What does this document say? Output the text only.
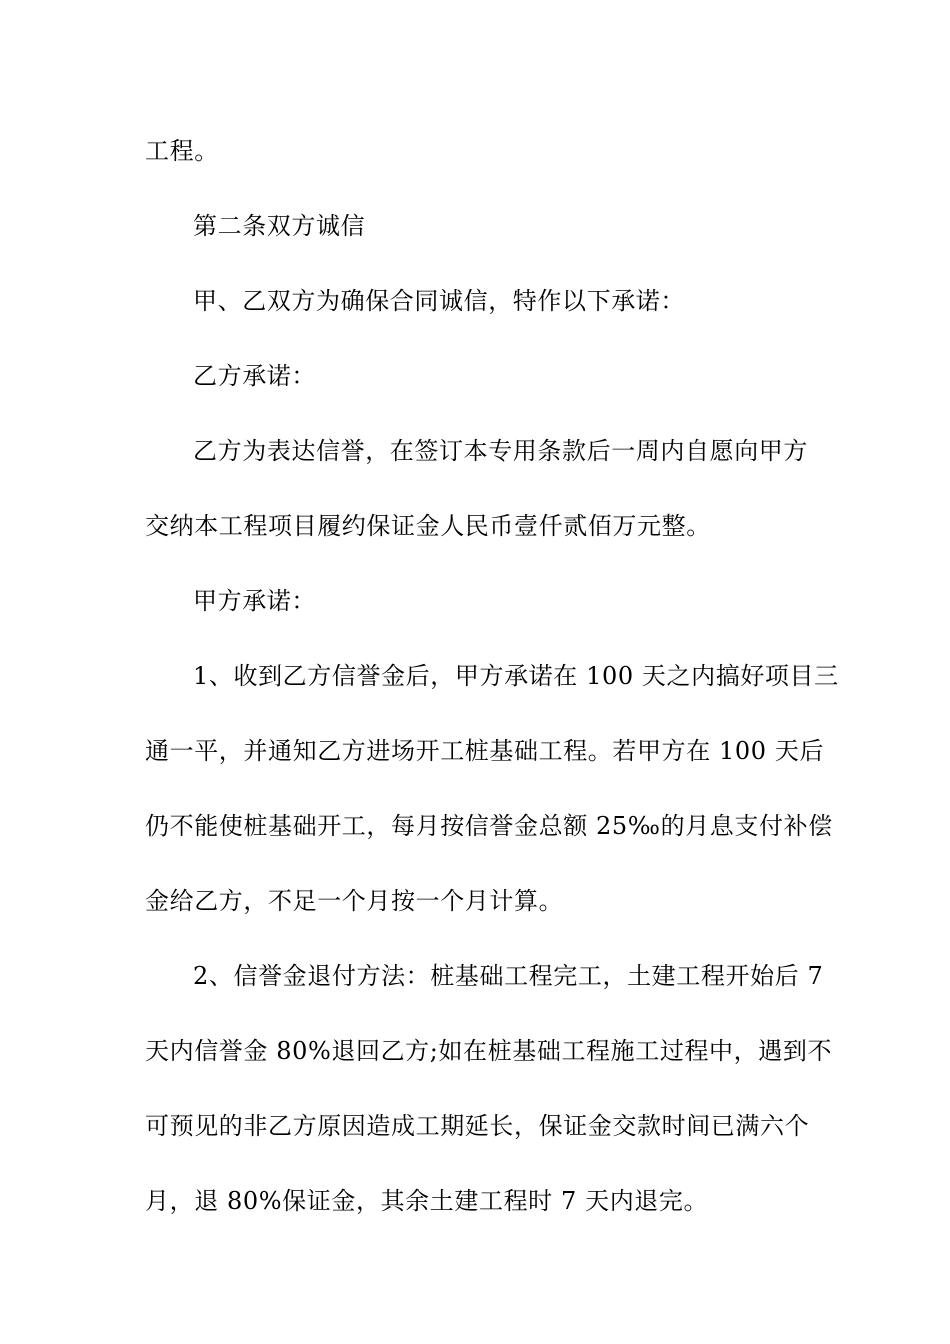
工程。
第二条双方诚信
甲、乙双方为确保合同诚信，特作以下承诺：
乙方承诺：
乙方为表达信誉，在签订本专用条款后一周内自愿向甲方
交纳本工程项目履约保证金人民币壹仟贰佰万元整。
甲方承诺：
1、收到乙方信誉金后，甲方承诺在 100 天之内搞好项目三
通一平，并通知乙方进场开工桩基础工程。若甲方在 100 天后
仍不能使桩基础开工，每月按信誉金总额 25‰的月息支付补偿
金给乙方，不足一个月按一个月计算。
2、信誉金退付方法：桩基础工程完工，土建工程开始后 7
天内信誉金 80%退回乙方;如在桩基础工程施工过程中，遇到不
可预见的非乙方原因造成工期延长，保证金交款时间已满六个
月，退 80%保证金，其余土建工程时 7 天内退完。
